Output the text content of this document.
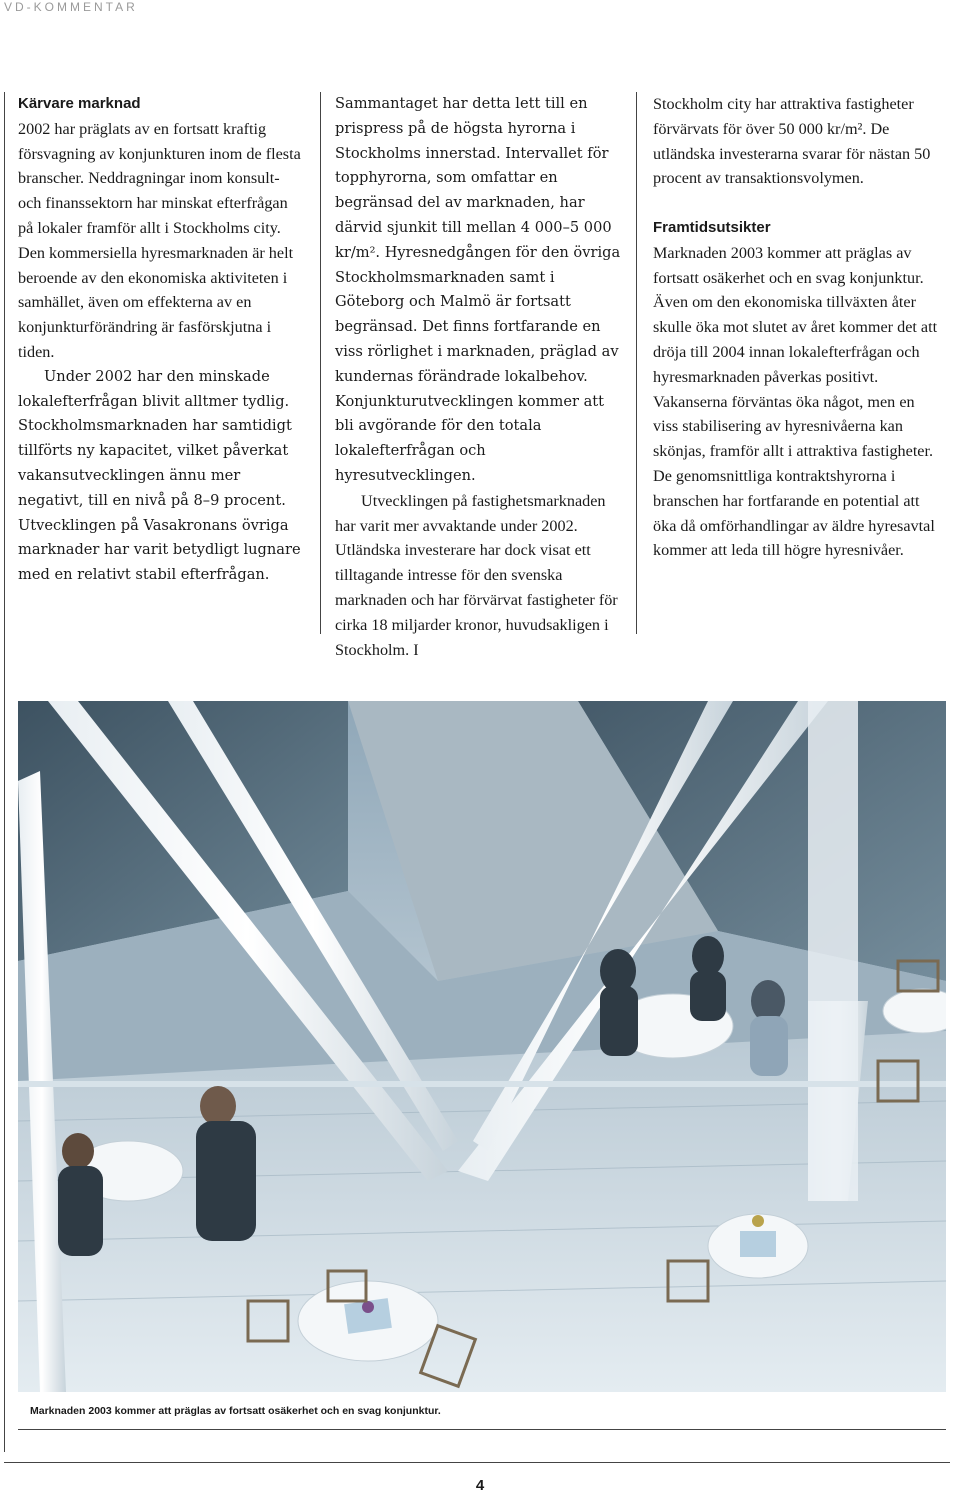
VD-KOMMENTAR
Kärvare marknad

2002 har präglats av en fortsatt kraftig försvagning av konjunkturen inom de flesta branscher. Neddragningar inom konsult- och finanssektorn har minskat efterfrågan på lokaler framför allt i Stockholms city. Den kommersiella hyresmarknaden är helt beroende av den ekonomiska aktiviteten i samhället, även om effekterna av en konjunkturförändring är fasförskjutna i tiden.

Under 2002 har den minskade lokalefterfrågan blivit alltmer tydlig. Stockholmsmarknaden har samtidigt tillförts ny kapacitet, vilket påverkat vakansutvecklingen ännu mer negativt, till en nivå på 8–9 procent. Utvecklingen på Vasakronans övriga marknader har varit betydligt lugnare med en relativt stabil efterfrågan.

Sammantaget har detta lett till en prispress på de högsta hyrorna i Stockholms innerstad. Intervallet för topphyrorna, som omfattar en begränsad del av marknaden, har därvid sjunkit till mellan 4 000–5 000 kr/m². Hyresnedgången för den övriga Stockholmsmarknaden samt i Göteborg och Malmö är fortsatt begränsad. Det finns fortfarande en viss rörlighet i marknaden, präglad av kundernas förändrade lokalbehov. Konjunkturutvecklingen kommer att bli avgörande för den totala lokalefterfrågan och hyresutvecklingen.

Utvecklingen på fastighetsmarknaden har varit mer avvaktande under 2002. Utländska investerare har dock visat ett tilltagande intresse för den svenska marknaden och har förvärvat fastigheter för cirka 18 miljarder kronor, huvudsakligen i Stockholm. I

Stockholm city har attraktiva fastigheter förvärvats för över 50 000 kr/m². De utländska investerarna svarar för nästan 50 procent av transaktionsvolymen.

Framtidsutsikter

Marknaden 2003 kommer att präglas av fortsatt osäkerhet och en svag konjunktur. Även om den ekonomiska tillväxten åter skulle öka mot slutet av året kommer det att dröja till 2004 innan lokalefterfrågan och hyresmarknaden påverkas positivt. Vakanserna förväntas öka något, men en viss stabilisering av hyresnivåerna kan skönjas, framför allt i attraktiva fastigheter. De genomsnittliga kontraktshyrorna i branschen har fortfarande en potential att öka då omförhandlingar av äldre hyresavtal kommer att leda till högre hyresnivåer.

Marknaden 2003 kommer att präglas av fortsatt osäkerhet och en svag konjunktur.
4
